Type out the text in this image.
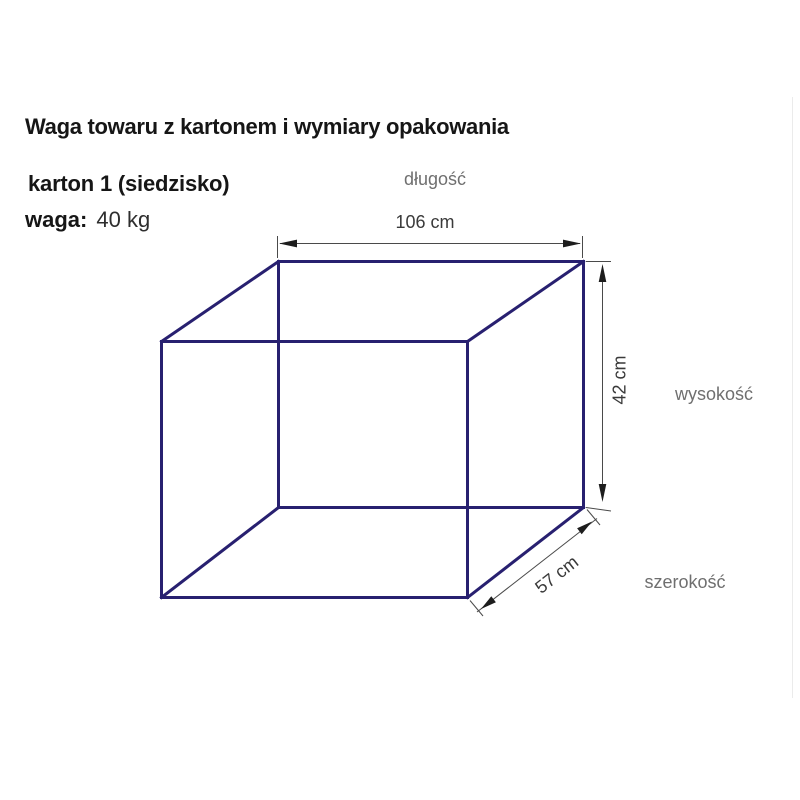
Waga towaru z kartonem i wymiary opakowania
karton 1 (siedzisko)
waga: 40 kg
długość
106 cm
wysokość
42 cm
szerokość
57 cm
